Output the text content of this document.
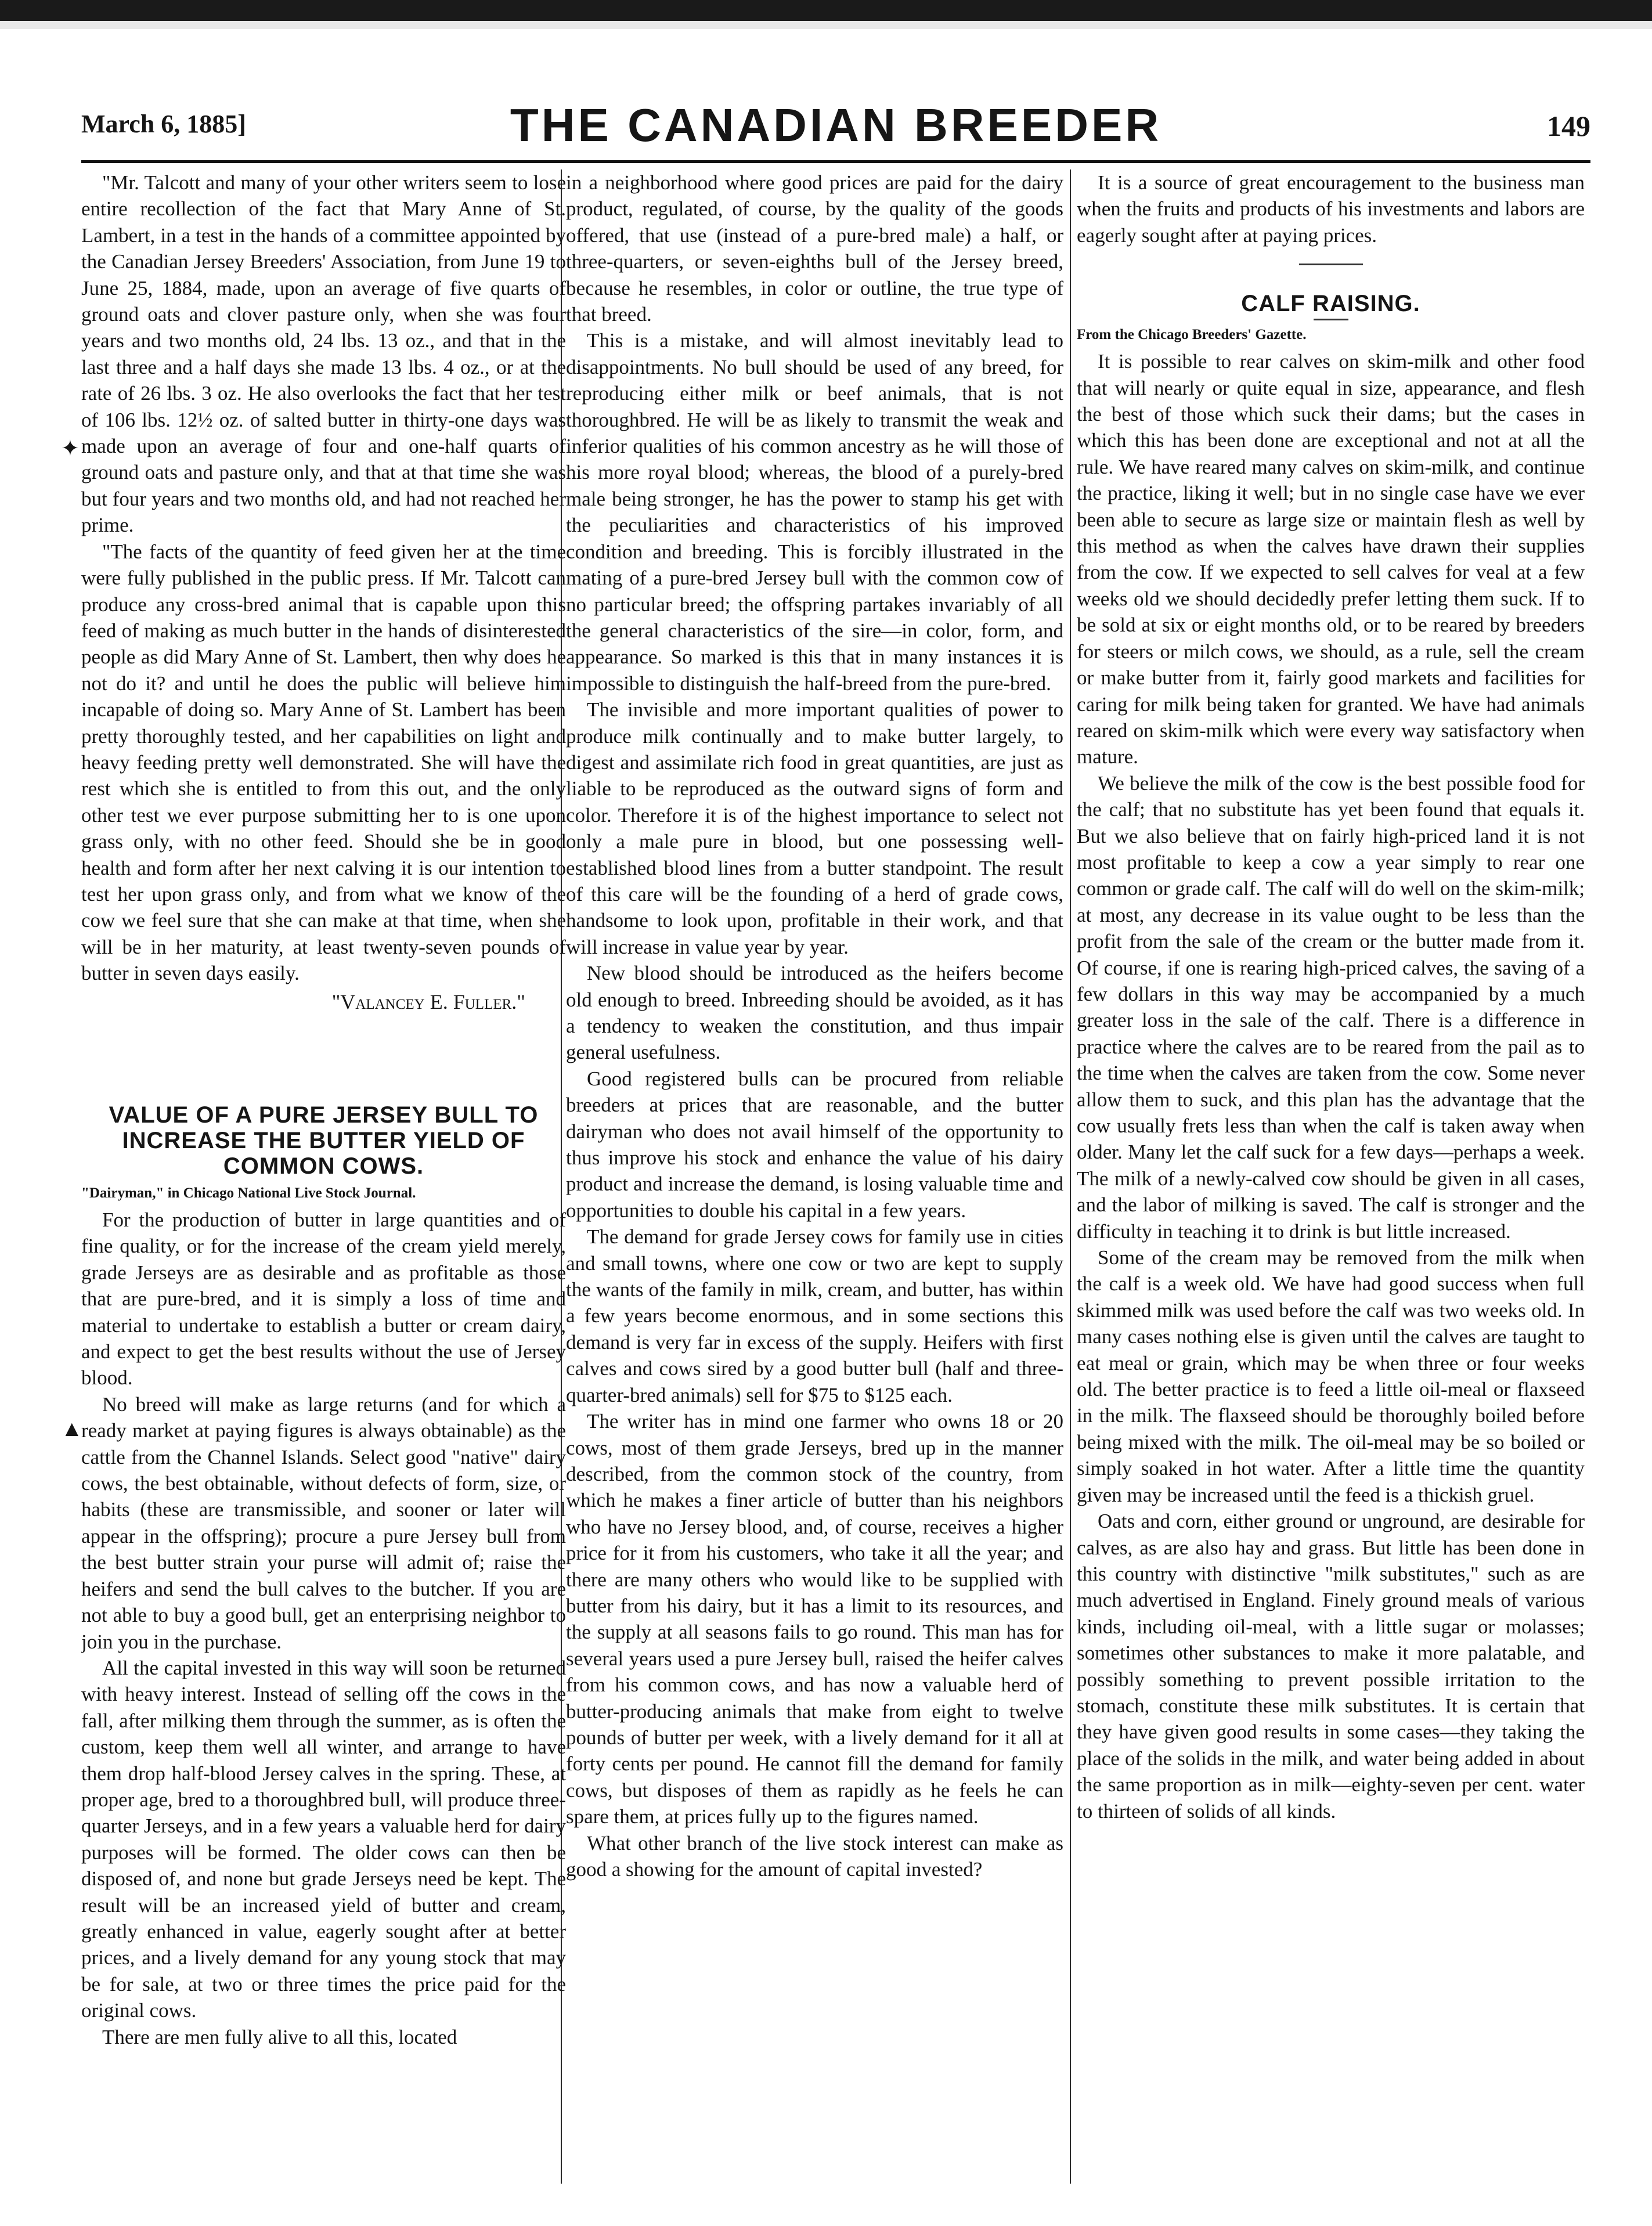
March 6, 1885]	THE CANADIAN BREEDER	149
✦
▲

"Mr. Talcott and many of your other writers seem to lose entire recollection of the fact that Mary Anne of St. Lambert, in a test in the hands of a committee appointed by the Canadian Jersey Breeders' Association, from June 19 to June 25, 1884, made, upon an average of five quarts of ground oats and clover pasture only, when she was four years and two months old, 24 lbs. 13 oz., and that in the last three and a half days she made 13 lbs. 4 oz., or at the rate of 26 lbs. 3 oz. He also overlooks the fact that her test of 106 lbs. 12½ oz. of salted butter in thirty-one days was made upon an average of four and one-half quarts of ground oats and pasture only, and that at that time she was but four years and two months old, and had not reached her prime.

"The facts of the quantity of feed given her at the time were fully published in the public press. If Mr. Talcott can produce any cross-bred animal that is capable upon this feed of making as much butter in the hands of disinterested people as did Mary Anne of St. Lambert, then why does he not do it? and until he does the public will believe him incapable of doing so. Mary Anne of St. Lambert has been pretty thoroughly tested, and her capabilities on light and heavy feeding pretty well demonstrated. She will have the rest which she is entitled to from this out, and the only other test we ever purpose submitting her to is one upon grass only, with no other feed. Should she be in good health and form after her next calving it is our intention to test her upon grass only, and from what we know of the cow we feel sure that she can make at that time, when she will be in her maturity, at least twenty-seven pounds of butter in seven days easily.

"Valancey E. Fuller."
VALUE OF A PURE JERSEY BULL TO INCREASE THE BUTTER YIELD OF COMMON COWS.
"Dairyman," in Chicago National Live Stock Journal.

For the production of butter in large quantities and of fine quality, or for the increase of the cream yield merely, grade Jerseys are as desirable and as profitable as those that are pure-bred, and it is simply a loss of time and material to undertake to establish a butter or cream dairy, and expect to get the best results without the use of Jersey blood.

No breed will make as large returns (and for which a ready market at paying figures is always obtainable) as the cattle from the Channel Islands. Select good "native" dairy cows, the best obtainable, without defects of form, size, or habits (these are transmissible, and sooner or later will appear in the offspring); procure a pure Jersey bull from the best butter strain your purse will admit of; raise the heifers and send the bull calves to the butcher. If you are not able to buy a good bull, get an enterprising neighbor to join you in the purchase.

All the capital invested in this way will soon be returned with heavy interest. Instead of selling off the cows in the fall, after milking them through the summer, as is often the custom, keep them well all winter, and arrange to have them drop half-blood Jersey calves in the spring. These, at proper age, bred to a thoroughbred bull, will produce three-quarter Jerseys, and in a few years a valuable herd for dairy purposes will be formed. The older cows can then be disposed of, and none but grade Jerseys need be kept. The result will be an increased yield of butter and cream, greatly enhanced in value, eagerly sought after at better prices, and a lively demand for any young stock that may be for sale, at two or three times the price paid for the original cows.

There are men fully alive to all this, located

in a neighborhood where good prices are paid for the dairy product, regulated, of course, by the quality of the goods offered, that use (instead of a pure-bred male) a half, or three-quarters, or seven-eighths bull of the Jersey breed, because he resembles, in color or outline, the true type of that breed.

This is a mistake, and will almost inevitably lead to disappointments. No bull should be used of any breed, for reproducing either milk or beef animals, that is not thoroughbred. He will be as likely to transmit the weak and inferior qualities of his common ancestry as he will those of his more royal blood; whereas, the blood of a purely-bred male being stronger, he has the power to stamp his get with the peculiarities and characteristics of his improved condition and breeding. This is forcibly illustrated in the mating of a pure-bred Jersey bull with the common cow of no particular breed; the offspring partakes invariably of all the general characteristics of the sire—in color, form, and appearance. So marked is this that in many instances it is impossible to distinguish the half-breed from the pure-bred.

The invisible and more important qualities of power to produce milk continually and to make butter largely, to digest and assimilate rich food in great quantities, are just as liable to be reproduced as the outward signs of form and color. Therefore it is of the highest importance to select not only a male pure in blood, but one possessing well-established blood lines from a butter standpoint. The result of this care will be the founding of a herd of grade cows, handsome to look upon, profitable in their work, and that will increase in value year by year.

New blood should be introduced as the heifers become old enough to breed. Inbreeding should be avoided, as it has a tendency to weaken the constitution, and thus impair general usefulness.

Good registered bulls can be procured from reliable breeders at prices that are reasonable, and the butter dairyman who does not avail himself of the opportunity to thus improve his stock and enhance the value of his dairy product and increase the demand, is losing valuable time and opportunities to double his capital in a few years.

The demand for grade Jersey cows for family use in cities and small towns, where one cow or two are kept to supply the wants of the family in milk, cream, and butter, has within a few years become enormous, and in some sections this demand is very far in excess of the supply. Heifers with first calves and cows sired by a good butter bull (half and three-quarter-bred animals) sell for $75 to $125 each.

The writer has in mind one farmer who owns 18 or 20 cows, most of them grade Jerseys, bred up in the manner described, from the common stock of the country, from which he makes a finer article of butter than his neighbors who have no Jersey blood, and, of course, receives a higher price for it from his customers, who take it all the year; and there are many others who would like to be supplied with butter from his dairy, but it has a limit to its resources, and the supply at all seasons fails to go round. This man has for several years used a pure Jersey bull, raised the heifer calves from his common cows, and has now a valuable herd of butter-producing animals that make from eight to twelve pounds of butter per week, with a lively demand for it all at forty cents per pound. He cannot fill the demand for family cows, but disposes of them as rapidly as he feels he can spare them, at prices fully up to the figures named.

What other branch of the live stock interest can make as good a showing for the amount of capital invested?

It is a source of great encouragement to the business man when the fruits and products of his investments and labors are eagerly sought after at paying prices.

CALF RAISING.
From the Chicago Breeders' Gazette.

It is possible to rear calves on skim-milk and other food that will nearly or quite equal in size, appearance, and flesh the best of those which suck their dams; but the cases in which this has been done are exceptional and not at all the rule. We have reared many calves on skim-milk, and continue the practice, liking it well; but in no single case have we ever been able to secure as large size or maintain flesh as well by this method as when the calves have drawn their supplies from the cow. If we expected to sell calves for veal at a few weeks old we should decidedly prefer letting them suck. If to be sold at six or eight months old, or to be reared by breeders for steers or milch cows, we should, as a rule, sell the cream or make butter from it, fairly good markets and facilities for caring for milk being taken for granted. We have had animals reared on skim-milk which were every way satisfactory when mature.

We believe the milk of the cow is the best possible food for the calf; that no substitute has yet been found that equals it. But we also believe that on fairly high-priced land it is not most profitable to keep a cow a year simply to rear one common or grade calf. The calf will do well on the skim-milk; at most, any decrease in its value ought to be less than the profit from the sale of the cream or the butter made from it. Of course, if one is rearing high-priced calves, the saving of a few dollars in this way may be accompanied by a much greater loss in the sale of the calf. There is a difference in practice where the calves are to be reared from the pail as to the time when the calves are taken from the cow. Some never allow them to suck, and this plan has the advantage that the cow usually frets less than when the calf is taken away when older. Many let the calf suck for a few days—perhaps a week. The milk of a newly-calved cow should be given in all cases, and the labor of milking is saved. The calf is stronger and the difficulty in teaching it to drink is but little increased.

Some of the cream may be removed from the milk when the calf is a week old. We have had good success when full skimmed milk was used before the calf was two weeks old. In many cases nothing else is given until the calves are taught to eat meal or grain, which may be when three or four weeks old. The better practice is to feed a little oil-meal or flaxseed in the milk. The flaxseed should be thoroughly boiled before being mixed with the milk. The oil-meal may be so boiled or simply soaked in hot water. After a little time the quantity given may be increased until the feed is a thickish gruel.

Oats and corn, either ground or unground, are desirable for calves, as are also hay and grass. But little has been done in this country with distinctive "milk substitutes," such as are much advertised in England. Finely ground meals of various kinds, including oil-meal, with a little sugar or molasses; sometimes other substances to make it more palatable, and possibly something to prevent possible irritation to the stomach, constitute these milk substitutes. It is certain that they have given good results in some cases—they taking the place of the solids in the milk, and water being added in about the same proportion as in milk—eighty-seven per cent. water to thirteen of solids of all kinds.
